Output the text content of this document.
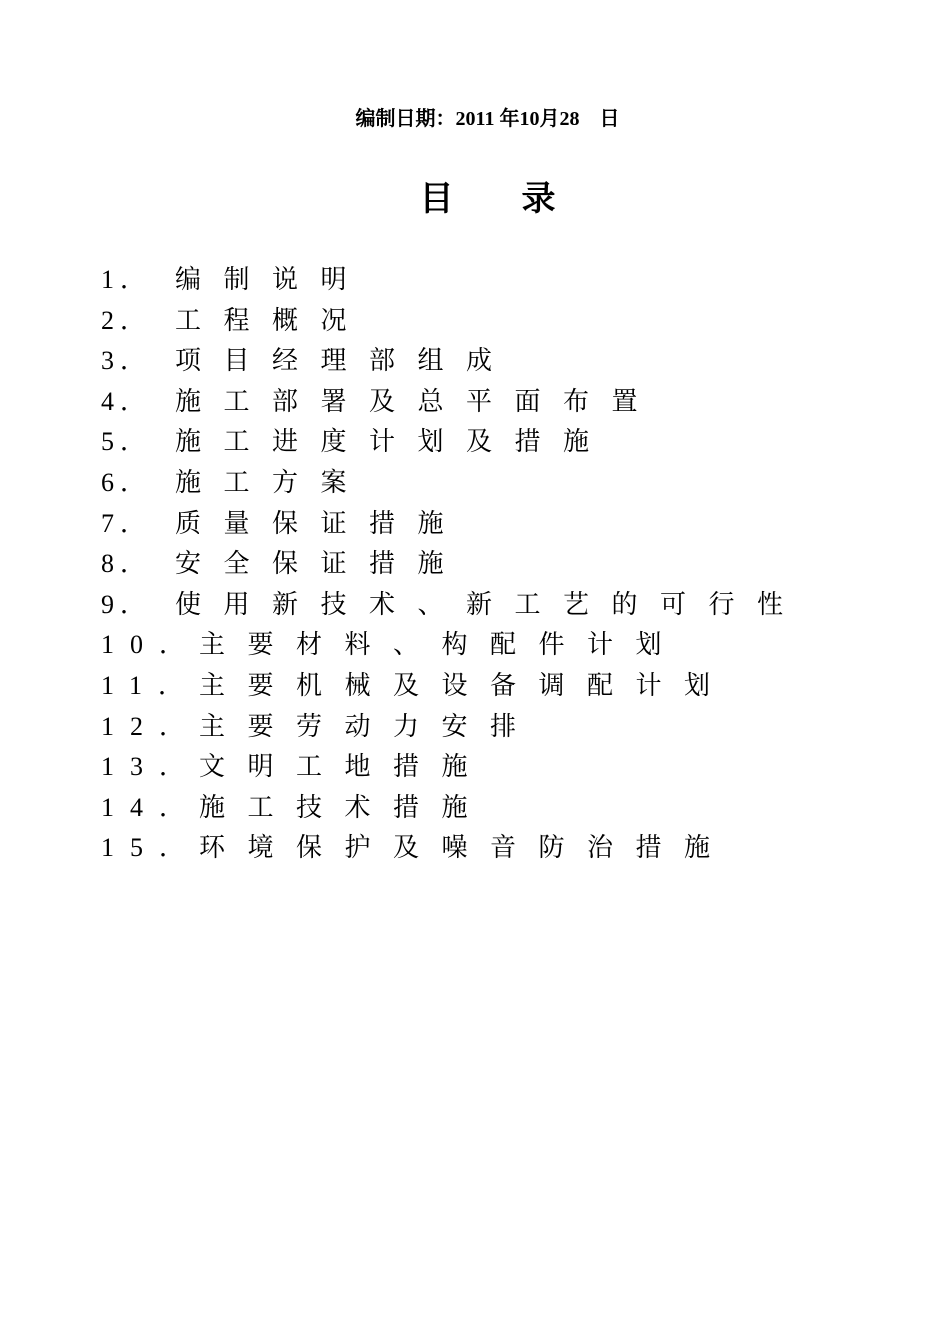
编制日期：2011 年10月28　日
目　　录
1． 编制说明
2． 工程概况
3． 项目经理部组成
4． 施工部署及总平面布置
5． 施工进度计划及措施
6． 施工方案
7． 质量保证措施
8． 安全保证措施
9． 使用新技术、新工艺的可行性
10．
主要材料、构配件计划
11．
主要机械及设备调配计划
12．
主要劳动力安排
13．
文明工地措施
14．
施工技术措施
15．
环境保护及噪音防治措施
